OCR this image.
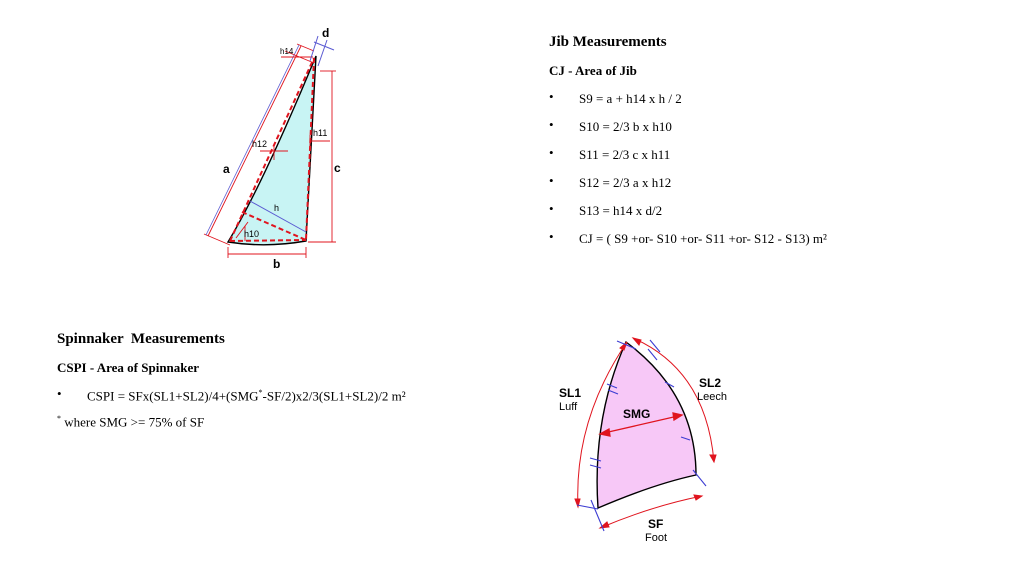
d
h14
h11
h12
a	c
h
h10
b
SL1
Luff
SL2
Leech
SMG
SF
Foot
Jib Measurements
CJ - Area of Jib
• S9 = a + h14 x h / 2
• S10 = 2/3 b x h10
• S11 = 2/3 c x h11
• S12 = 2/3 a x h12
• S13 = h14 x d/2
• CJ = ( S9 +or- S10 +or- S11 +or- S12 - S13) m²
Spinnaker  Measurements
CSPI - Area of Spinnaker
• CSPI = SFx(SL1+SL2)/4+(SMG*-SF/2)x2/3(SL1+SL2)/2 m²
* where SMG >= 75% of SF
